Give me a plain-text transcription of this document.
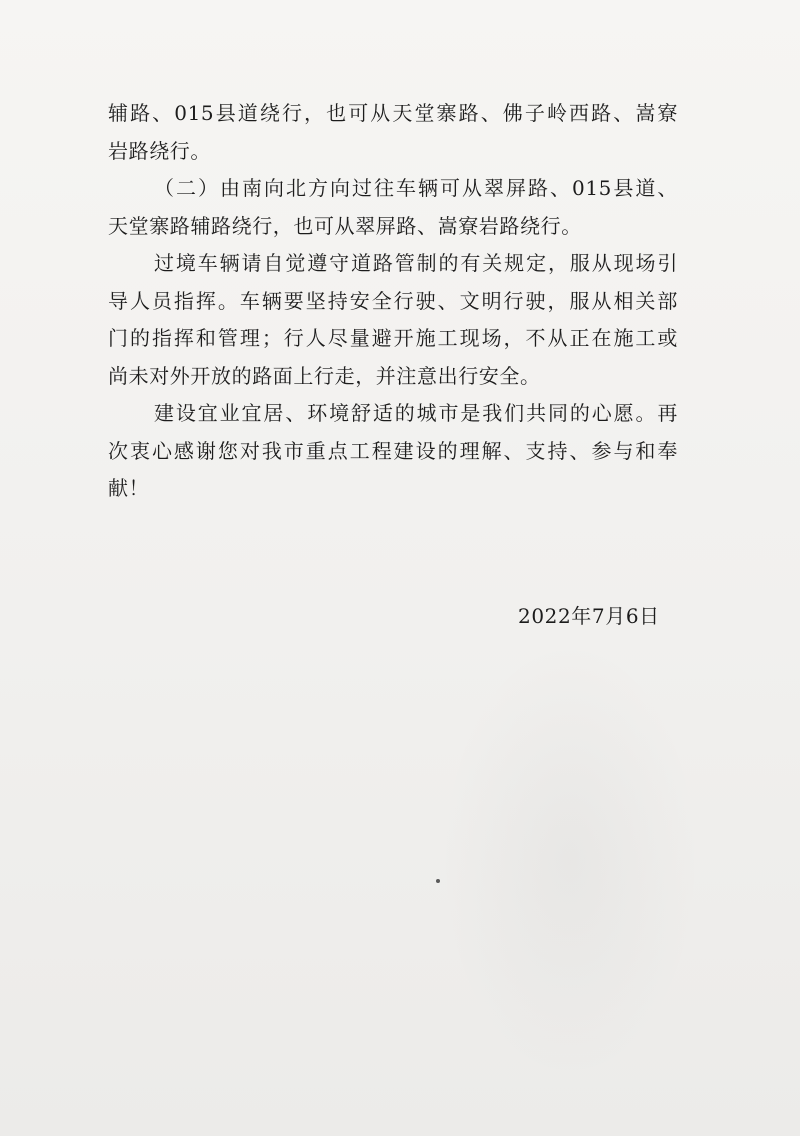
辅路、015县道绕行，也可从天堂寨路、佛子岭西路、嵩寮
岩路绕行。
（二）由南向北方向过往车辆可从翠屏路、015县道、
天堂寨路辅路绕行，也可从翠屏路、嵩寮岩路绕行。
过境车辆请自觉遵守道路管制的有关规定，服从现场引
导人员指挥。车辆要坚持安全行驶、文明行驶，服从相关部
门的指挥和管理；行人尽量避开施工现场，不从正在施工或
尚未对外开放的路面上行走，并注意出行安全。
建设宜业宜居、环境舒适的城市是我们共同的心愿。再
次衷心感谢您对我市重点工程建设的理解、支持、参与和奉
献！
2022年7月6日
